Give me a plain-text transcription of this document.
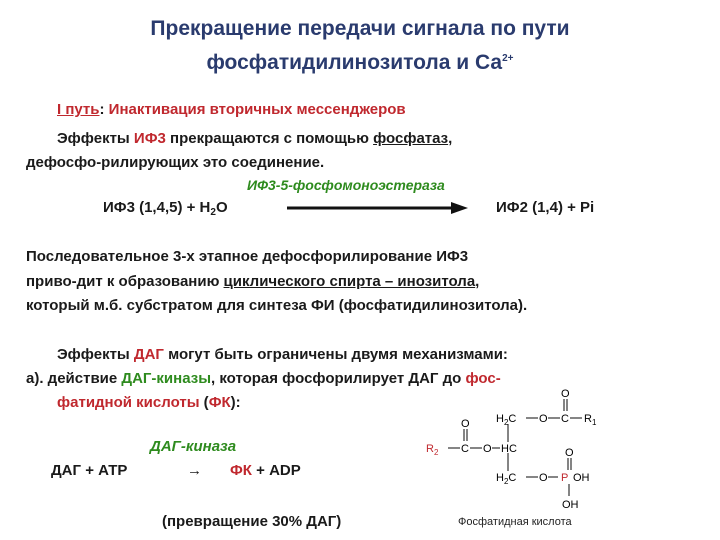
Прекращение передачи сигнала по пути
фосфатидилинозитола и $Са^{2+}$
I путь: Инактивация вторичных мессенджеров
Эффекты ИФ3 прекращаются с помощью фосфатаз,
дефосфо-рилирующих это соединение.
ИФ3-5-фосфомоноэстераза
ИФ3 $(1,4,5) + Н_2О$	ИФ2 (1,4) + Pi
Последовательное 3-х этапное дефосфорилирование ИФ3
приво-дит к образованию циклического спирта – инозитола,
который м.б. субстратом для синтеза ФИ (фосфатидилинозитола).
Эффекты ДАГ могут быть ограничены двумя механизмами:
а). действие ДАГ-киназы, которая фосфорилирует ДАГ до фос-
фатидной кислоты (ФК):
ДАГ-киназа
ДАГ + АТР	→ ФК + ADP
(превращение 30% ДАГ)
$H_2C$ O C
O
$R_1$
$R_2$ C
O
O HC
$H_2C$ O P OH
O
OH
Фосфатидная кислота
